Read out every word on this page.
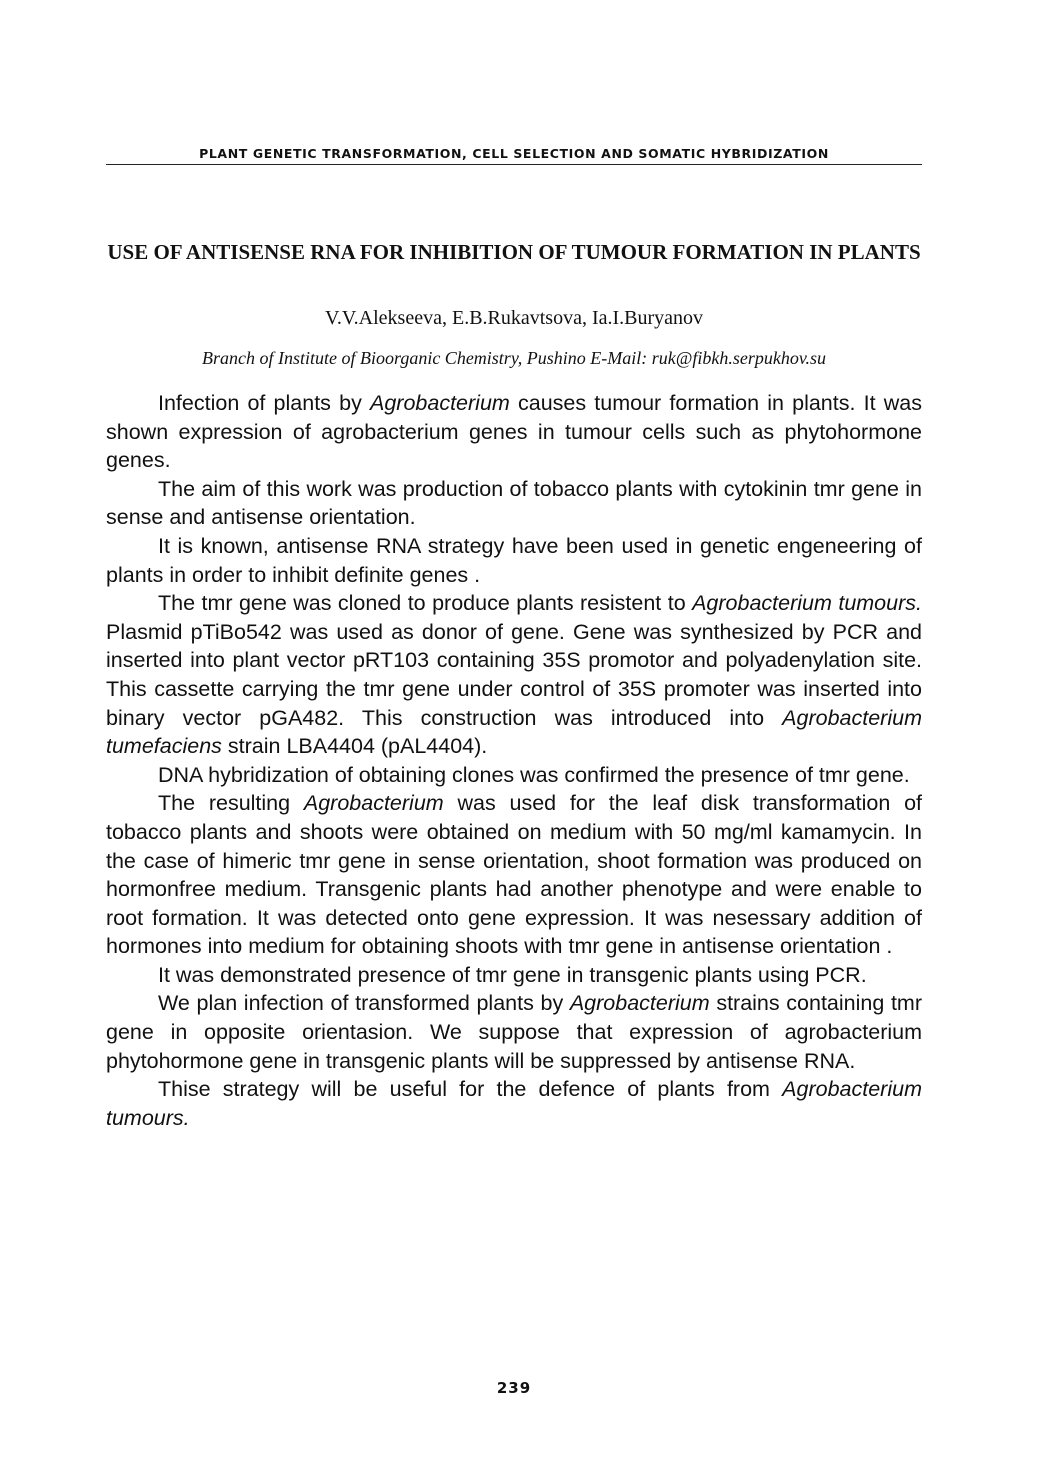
PLANT GENETIC TRANSFORMATION, CELL SELECTION AND SOMATIC HYBRIDIZATION
USE OF ANTISENSE RNA FOR INHIBITION OF TUMOUR FORMATION IN PLANTS
V.V.Alekseeva, E.B.Rukavtsova, Ia.I.Buryanov
Branch of Institute of Bioorganic Chemistry, Pushino E-Mail: ruk@fibkh.serpukhov.su

Infection of plants by Agrobacterium causes tumour formation in plants. It was shown expression of agrobacterium genes in tumour cells such as phytohormone genes.

The aim of this work was production of tobacco plants with cytokinin tmr gene in sense and antisense orientation.

It is known, antisense RNA strategy have been used in genetic engeneering of plants in order to inhibit definite genes .

The tmr gene was cloned to produce plants resistent to Agrobacterium tumours. Plasmid pTiBo542 was used as donor of gene. Gene was synthesized by PCR and inserted into plant vector pRT103 containing 35S promotor and polyadenylation site. This cassette carrying the tmr gene under control of 35S promoter was inserted into binary vector pGA482. This construction was introduced into Agrobacterium tumefaciens strain LBA4404 (pAL4404).

DNA hybridization of obtaining clones was confirmed the presence of tmr gene.

The resulting Agrobacterium was used for the leaf disk transformation of tobacco plants and shoots were obtained on medium with 50 mg/ml kamamycin. In the case of himeric tmr gene in sense orientation, shoot formation was produced on hormonfree medium. Transgenic plants had another phenotype and were enable to root formation. It was detected onto gene expression. It was nesessary addition of hormones into medium for obtaining shoots with tmr gene in antisense orientation .

It was demonstrated presence of tmr gene in transgenic plants using PCR.

We plan infection of transformed plants by Agrobacterium strains containing tmr gene in opposite orientasion. We suppose that expression of agrobacterium phytohormone gene in transgenic plants will be suppressed by antisense RNA.

Thise strategy will be useful for the defence of plants from Agrobacterium tumours.

239
